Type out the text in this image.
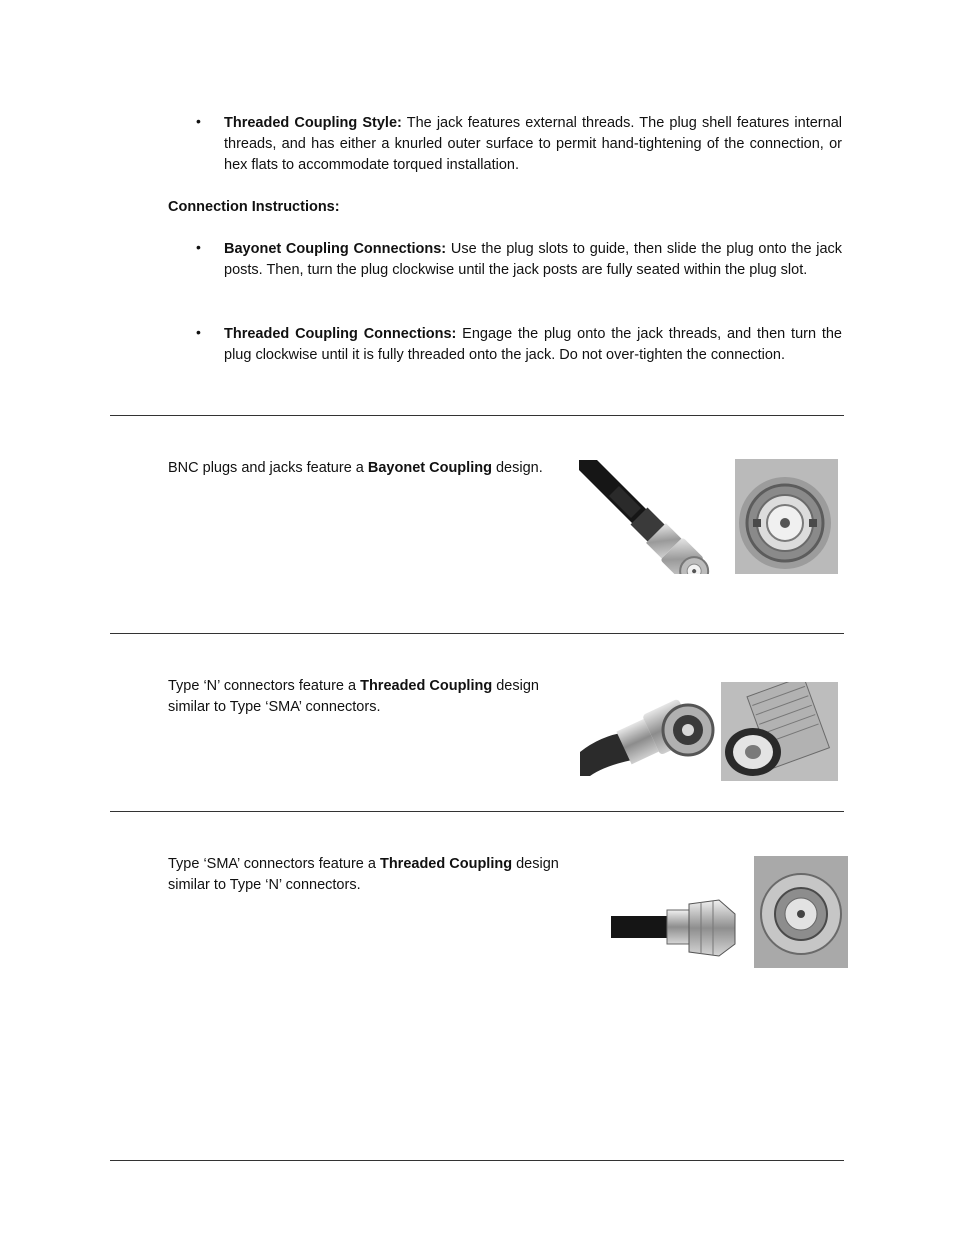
• Threaded Coupling Style: The jack features external threads. The plug shell features internal threads, and has either a knurled outer surface to permit hand-tightening of the connection, or hex flats to accommodate torqued installation.
Connection Instructions:
• Bayonet Coupling Connections: Use the plug slots to guide, then slide the plug onto the jack posts. Then, turn the plug clockwise until the jack posts are fully seated within the plug slot.
• Threaded Coupling Connections: Engage the plug onto the jack threads, and then turn the plug clockwise until it is fully threaded onto the jack. Do not over-tighten the connection.
BNC plugs and jacks feature a Bayonet Coupling design.
Type ‘N’ connectors feature a Threaded Coupling design similar to Type ‘SMA’ connectors.
Type ‘SMA’ connectors feature a Threaded Coupling design similar to Type ‘N’ connectors.
